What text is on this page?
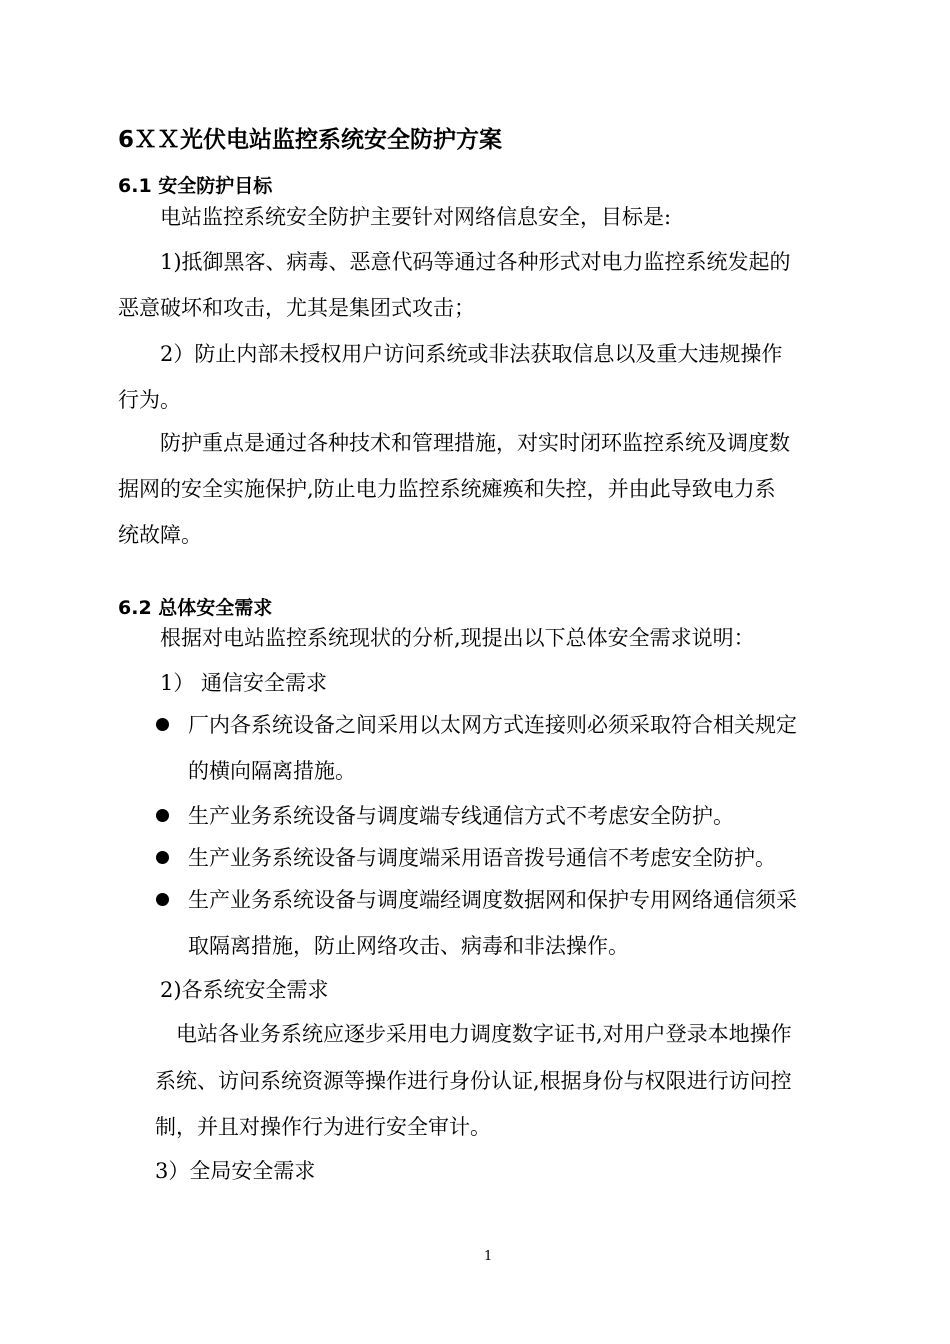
6ＸＸ光伏电站监控系统安全防护方案
6.1 安全防护目标
电站监控系统安全防护主要针对网络信息安全，目标是:
1)抵御黑客、病毒、恶意代码等通过各种形式对电力监控系统发起的
恶意破坏和攻击，尤其是集团式攻击；
2）防止内部未授权用户访问系统或非法获取信息以及重大违规操作
行为。
防护重点是通过各种技术和管理措施，对实时闭环监控系统及调度数
据网的安全实施保护,防止电力监控系统瘫痪和失控，并由此导致电力系
统故障。
6.2 总体安全需求
根据对电站监控系统现状的分析,现提出以下总体安全需求说明：
1） 通信安全需求
厂内各系统设备之间采用以太网方式连接则必须采取符合相关规定
的横向隔离措施。
生产业务系统设备与调度端专线通信方式不考虑安全防护。
生产业务系统设备与调度端采用语音拨号通信不考虑安全防护。
生产业务系统设备与调度端经调度数据网和保护专用网络通信须采
取隔离措施，防止网络攻击、病毒和非法操作。
2)各系统安全需求
电站各业务系统应逐步采用电力调度数字证书,对用户登录本地操作
系统、访问系统资源等操作进行身份认证,根据身份与权限进行访问控
制，并且对操作行为进行安全审计。
3）全局安全需求
1
